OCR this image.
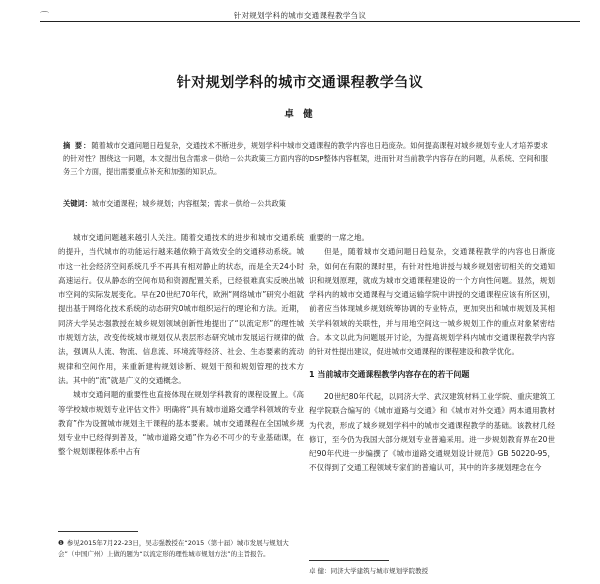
⌒	针对规划学科的城市交通课程教学刍议
针对规划学科的城市交通课程教学刍议
卓 健
摘 要：随着城市交通问题日趋复杂，交通技术不断进步，规划学科中城市交通课程的教学内容也日趋庞杂。如何提高课程对城乡规划专业人才培养要求的针对性？围绕这一问题，本文提出包含需求－供给－公共政策三方面内容的DSP整体内容框架，进而针对当前教学内容存在的问题，从系统、空间和服务三个方面，提出需要重点补充和加强的知识点。
关键词：城市交通课程；城乡规划；内容框架；需求－供给－公共政策

城市交通问题越来越引人关注。随着交通技术的进步和城市交通系统的提升，当代城市的功能运行越来越依赖于高效安全的交通移动系统。城市这一社会经济空间系统几乎不再具有相对静止的状态，而是全天24小时高速运行。仅从静态的空间布局和资源配置关系，已经很难真实反映出城市空间的实际发展变化。早在20世纪70年代，欧洲“网络城市”研究小组就提出基于网络化技术系统的动态研究0城市组织运行的理论和方法。近期，同济大学吴志强教授在城乡规划领域创新性地提出了“以流定形”的理性城市规划方法，改变传统城市规划仅从表层形态研究城市发展运行规律的做法，强调从人流、物流、信息流、环境流等经济、社会、生态要素的流动规律和空间作用，来重新建构规划诊断、规划干预和规划管理的技术方法。其中的“流”就是广义的交通概念。

城市交通问题的重要性也直接体现在规划学科教育的课程设置上。《高等学校城市规划专业评估文件》明确将“具有城市道路交通学科领域的专业教育”作为设置城市规划主干课程的基本要素。城市交通课程在全国城乡规划专业中已经得到普及，“城市道路交通”作为必不可少的专业基础课，在整个规划课程体系中占有

重要的一席之地。

但是，随着城市交通问题日趋复杂，交通课程教学的内容也日渐庞杂，如何在有限的课时里，有针对性地讲授与城乡规划密切相关的交通知识和规划原理，就成为城市交通课程建设的一个方向性问题。显然，规划学科内的城市交通课程与交通运输学院中讲授的交通课程应该有所区别，前者应当体现城乡规划统筹协调的专业特点，更加突出和城市规划及其相关学科领域的关联性，并与用地空间这一城乡规划工作的重点对象紧密结合。本文以此为问题展开讨论，为提高规划学科内城市交通课程教学内容的针对性提出建议，促进城市交通课程的课程建设和教学优化。

1 当前城市交通课程教学内容存在的若干问题

20世纪80年代起，以同济大学、武汉建筑材料工业学院、重庆建筑工程学院联合编写的《城市道路与交通》和《城市对外交通》两本通用教材为代表，形成了城乡规划学科中的城市交通课程教学的基础。该教材几经修订，至今仍为我国大部分规划专业普遍采用。进一步规划教育界在20世纪90年代进一步编撰了《城市道路交通规划设计规范》GB 50220-95，不仅得到了交通工程领域专家们的普遍认可，其中的许多规划理念在今

❶ 参见2015年7月22-23日，吴志强教授在“2015（第十届）城市发展与规划大会”（中国广州）上做的题为“以流定形的理性城市规划方法”的主旨报告。
卓 健：同济大学建筑与城市规划学院教授
